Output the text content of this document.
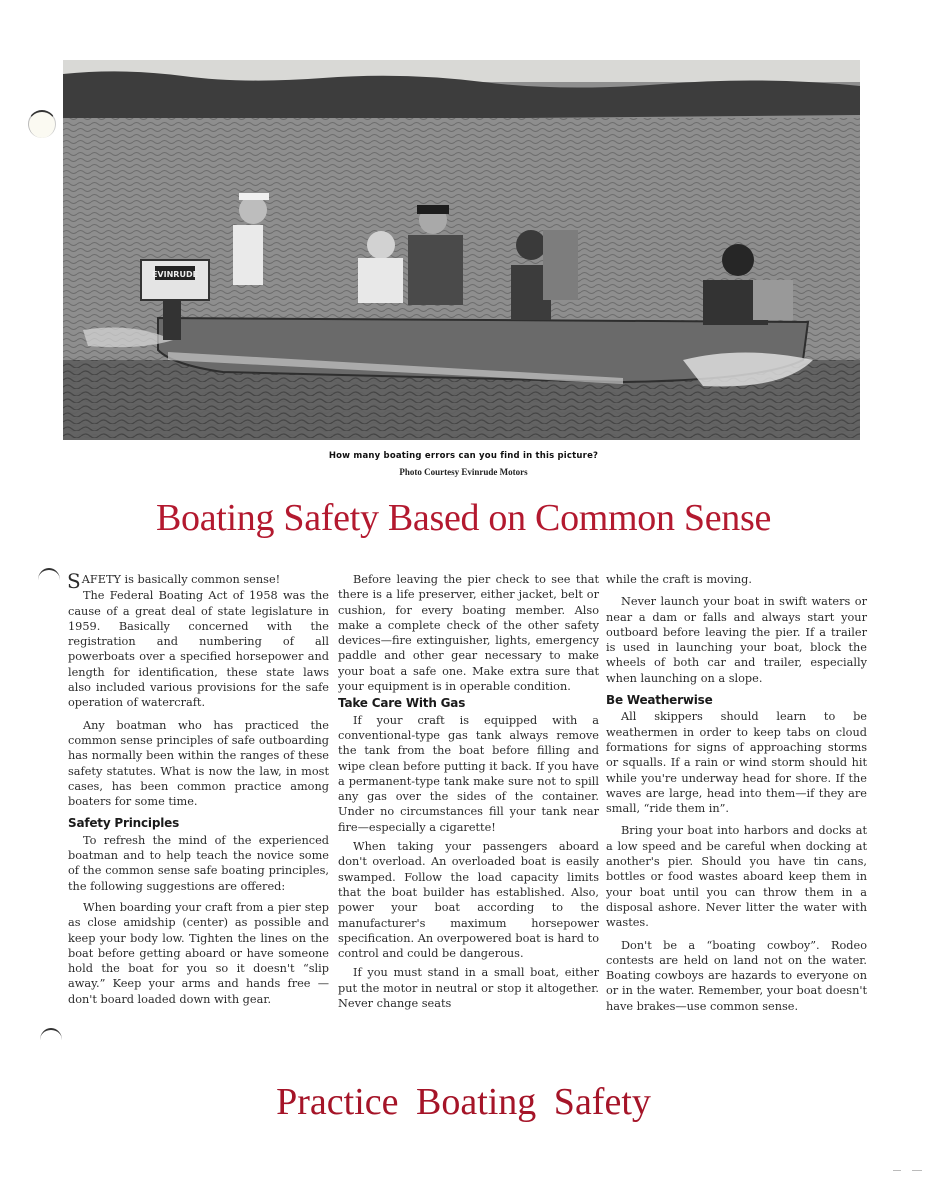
EVINRUDE
How many boating errors can you find in this picture?
Photo Courtesy Evinrude Motors
Boating Safety Based on Common Sense

SAFETY is basically common sense!

The Federal Boating Act of 1958 was the cause of a great deal of state legislature in 1959. Basically concerned with the registration and numbering of all powerboats over a specified horsepower and length for identification, these state laws also included various provisions for the safe operation of watercraft.

Any boatman who has practiced the common sense principles of safe outboarding has normally been within the ranges of these safety statutes. What is now the law, in most cases, has been common practice among boaters for some time.

Safety Principles

To refresh the mind of the experienced boatman and to help teach the novice some of the common sense safe boating principles, the following suggestions are offered:

When boarding your craft from a pier step as close amidship (center) as possible and keep your body low. Tighten the lines on the boat before getting aboard or have someone hold the boat for you so it doesn't “slip away.” Keep your arms and hands free — don't board loaded down with gear.

Before leaving the pier check to see that there is a life preserver, either jacket, belt or cushion, for every boating member. Also make a complete check of the other safety devices—fire extinguisher, lights, emergency paddle and other gear necessary to make your boat a safe one. Make extra sure that your equipment is in operable condition.

Take Care With Gas

If your craft is equipped with a conventional-type gas tank always remove the tank from the boat before filling and wipe clean before putting it back. If you have a permanent-type tank make sure not to spill any gas over the sides of the container. Under no circumstances fill your tank near fire—especially a cigarette!

When taking your passengers aboard don't overload. An overloaded boat is easily swamped. Follow the load capacity limits that the boat builder has established. Also, power your boat according to the manufacturer's maximum horsepower specification. An overpowered boat is hard to control and could be dangerous.

If you must stand in a small boat, either put the motor in neutral or stop it altogether. Never change seats

while the craft is moving.

Never launch your boat in swift waters or near a dam or falls and always start your outboard before leaving the pier. If a trailer is used in launching your boat, block the wheels of both car and trailer, especially when launching on a slope.

Be Weatherwise

All skippers should learn to be weathermen in order to keep tabs on cloud formations for signs of approaching storms or squalls. If a rain or wind storm should hit while you're underway head for shore. If the waves are large, head into them—if they are small, “ride them in”.

Bring your boat into harbors and docks at a low speed and be careful when docking at another's pier. Should you have tin cans, bottles or food wastes aboard keep them in your boat until you can throw them in a disposal ashore. Never litter the water with wastes.

Don't be a “boating cowboy”. Rodeo contests are held on land not on the water. Boating cowboys are hazards to everyone on or in the water. Remember, your boat doesn't have brakes—use common sense.

Practice Boating Safety
